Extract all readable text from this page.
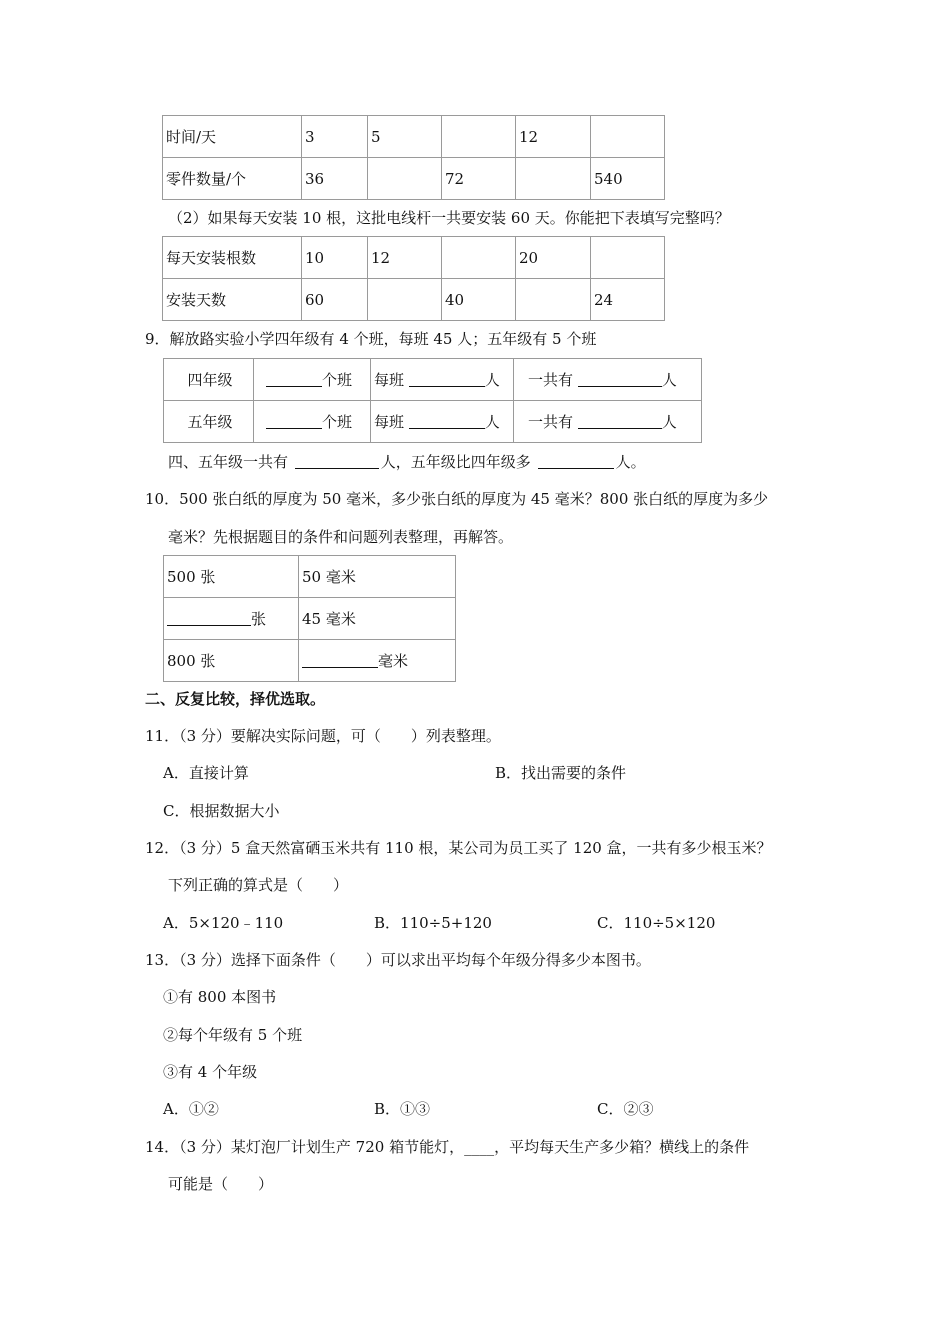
时间/天	3	5		12	
零件数量/个	36		72		540
（2）如果每天安装 10 根，这批电线杆一共要安装 60 天。你能把下表填写完整吗？
每天安装根数	10	12		20	
安装天数	60		40		24
9．解放路实验小学四年级有 4 个班，每班 45 人；五年级有 5 个班
四年级	个班	每班 人	一共有 人
五年级	个班	每班 人	一共有 人
四、五年级一共有	人，五年级比四年级多	人。
10．500 张白纸的厚度为 50 毫米，多少张白纸的厚度为 45 毫米？800 张白纸的厚度为多少
毫米？先根据题目的条件和问题列表整理，再解答。
500 张	50 毫米
张	45 毫米
800 张	毫米
二、反复比较，择优选取。
11．（3 分）要解决实际问题，可（　　）列表整理。
A．直接计算	B．找出需要的条件
C．根据数据大小
12．（3 分）5 盒天然富硒玉米共有 110 根，某公司为员工买了 120 盒，一共有多少根玉米？
下列正确的算式是（　　）
A．5×120﹣110	B．110÷5+120	C．110÷5×120
13．（3 分）选择下面条件（　　）可以求出平均每个年级分得多少本图书。
①有 800 本图书
②每个年级有 5 个班
③有 4 个年级
A．①②	B．①③	C．②③
14．（3 分）某灯泡厂计划生产 720 箱节能灯，____，平均每天生产多少箱？横线上的条件
可能是（　　）
